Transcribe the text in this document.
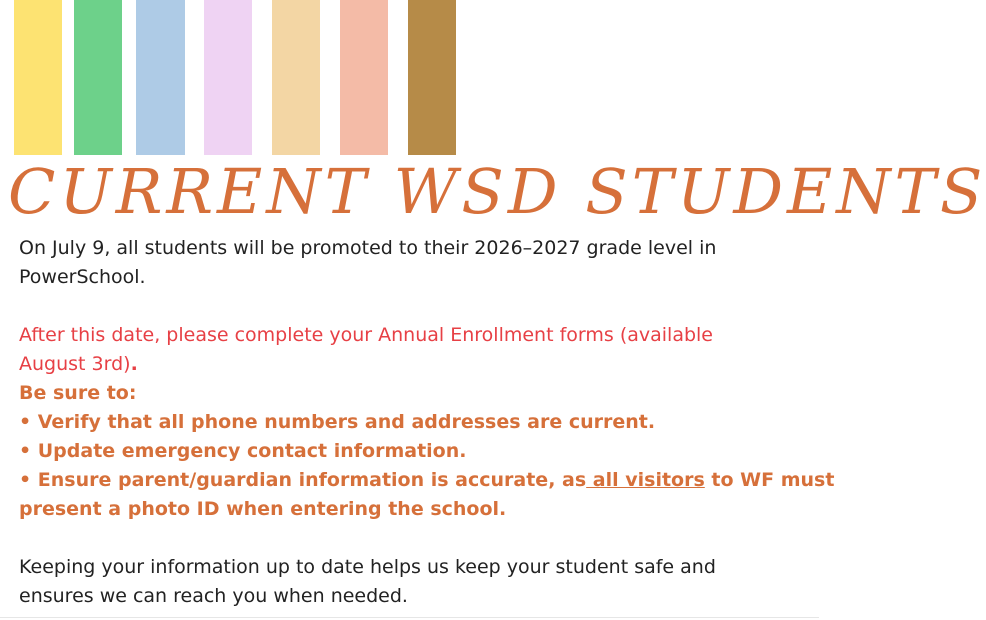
CURRENT WSD STUDENTS
On July 9, all students will be promoted to their 2026–2027 grade level in
PowerSchool.
After this date, please complete your Annual Enrollment forms (available
August 3rd).
Be sure to:
• Verify that all phone numbers and addresses are current.
• Update emergency contact information.
• Ensure parent/guardian information is accurate, as all visitors to WF must
present a photo ID when entering the school.
Keeping your information up to date helps us keep your student safe and
ensures we can reach you when needed.
